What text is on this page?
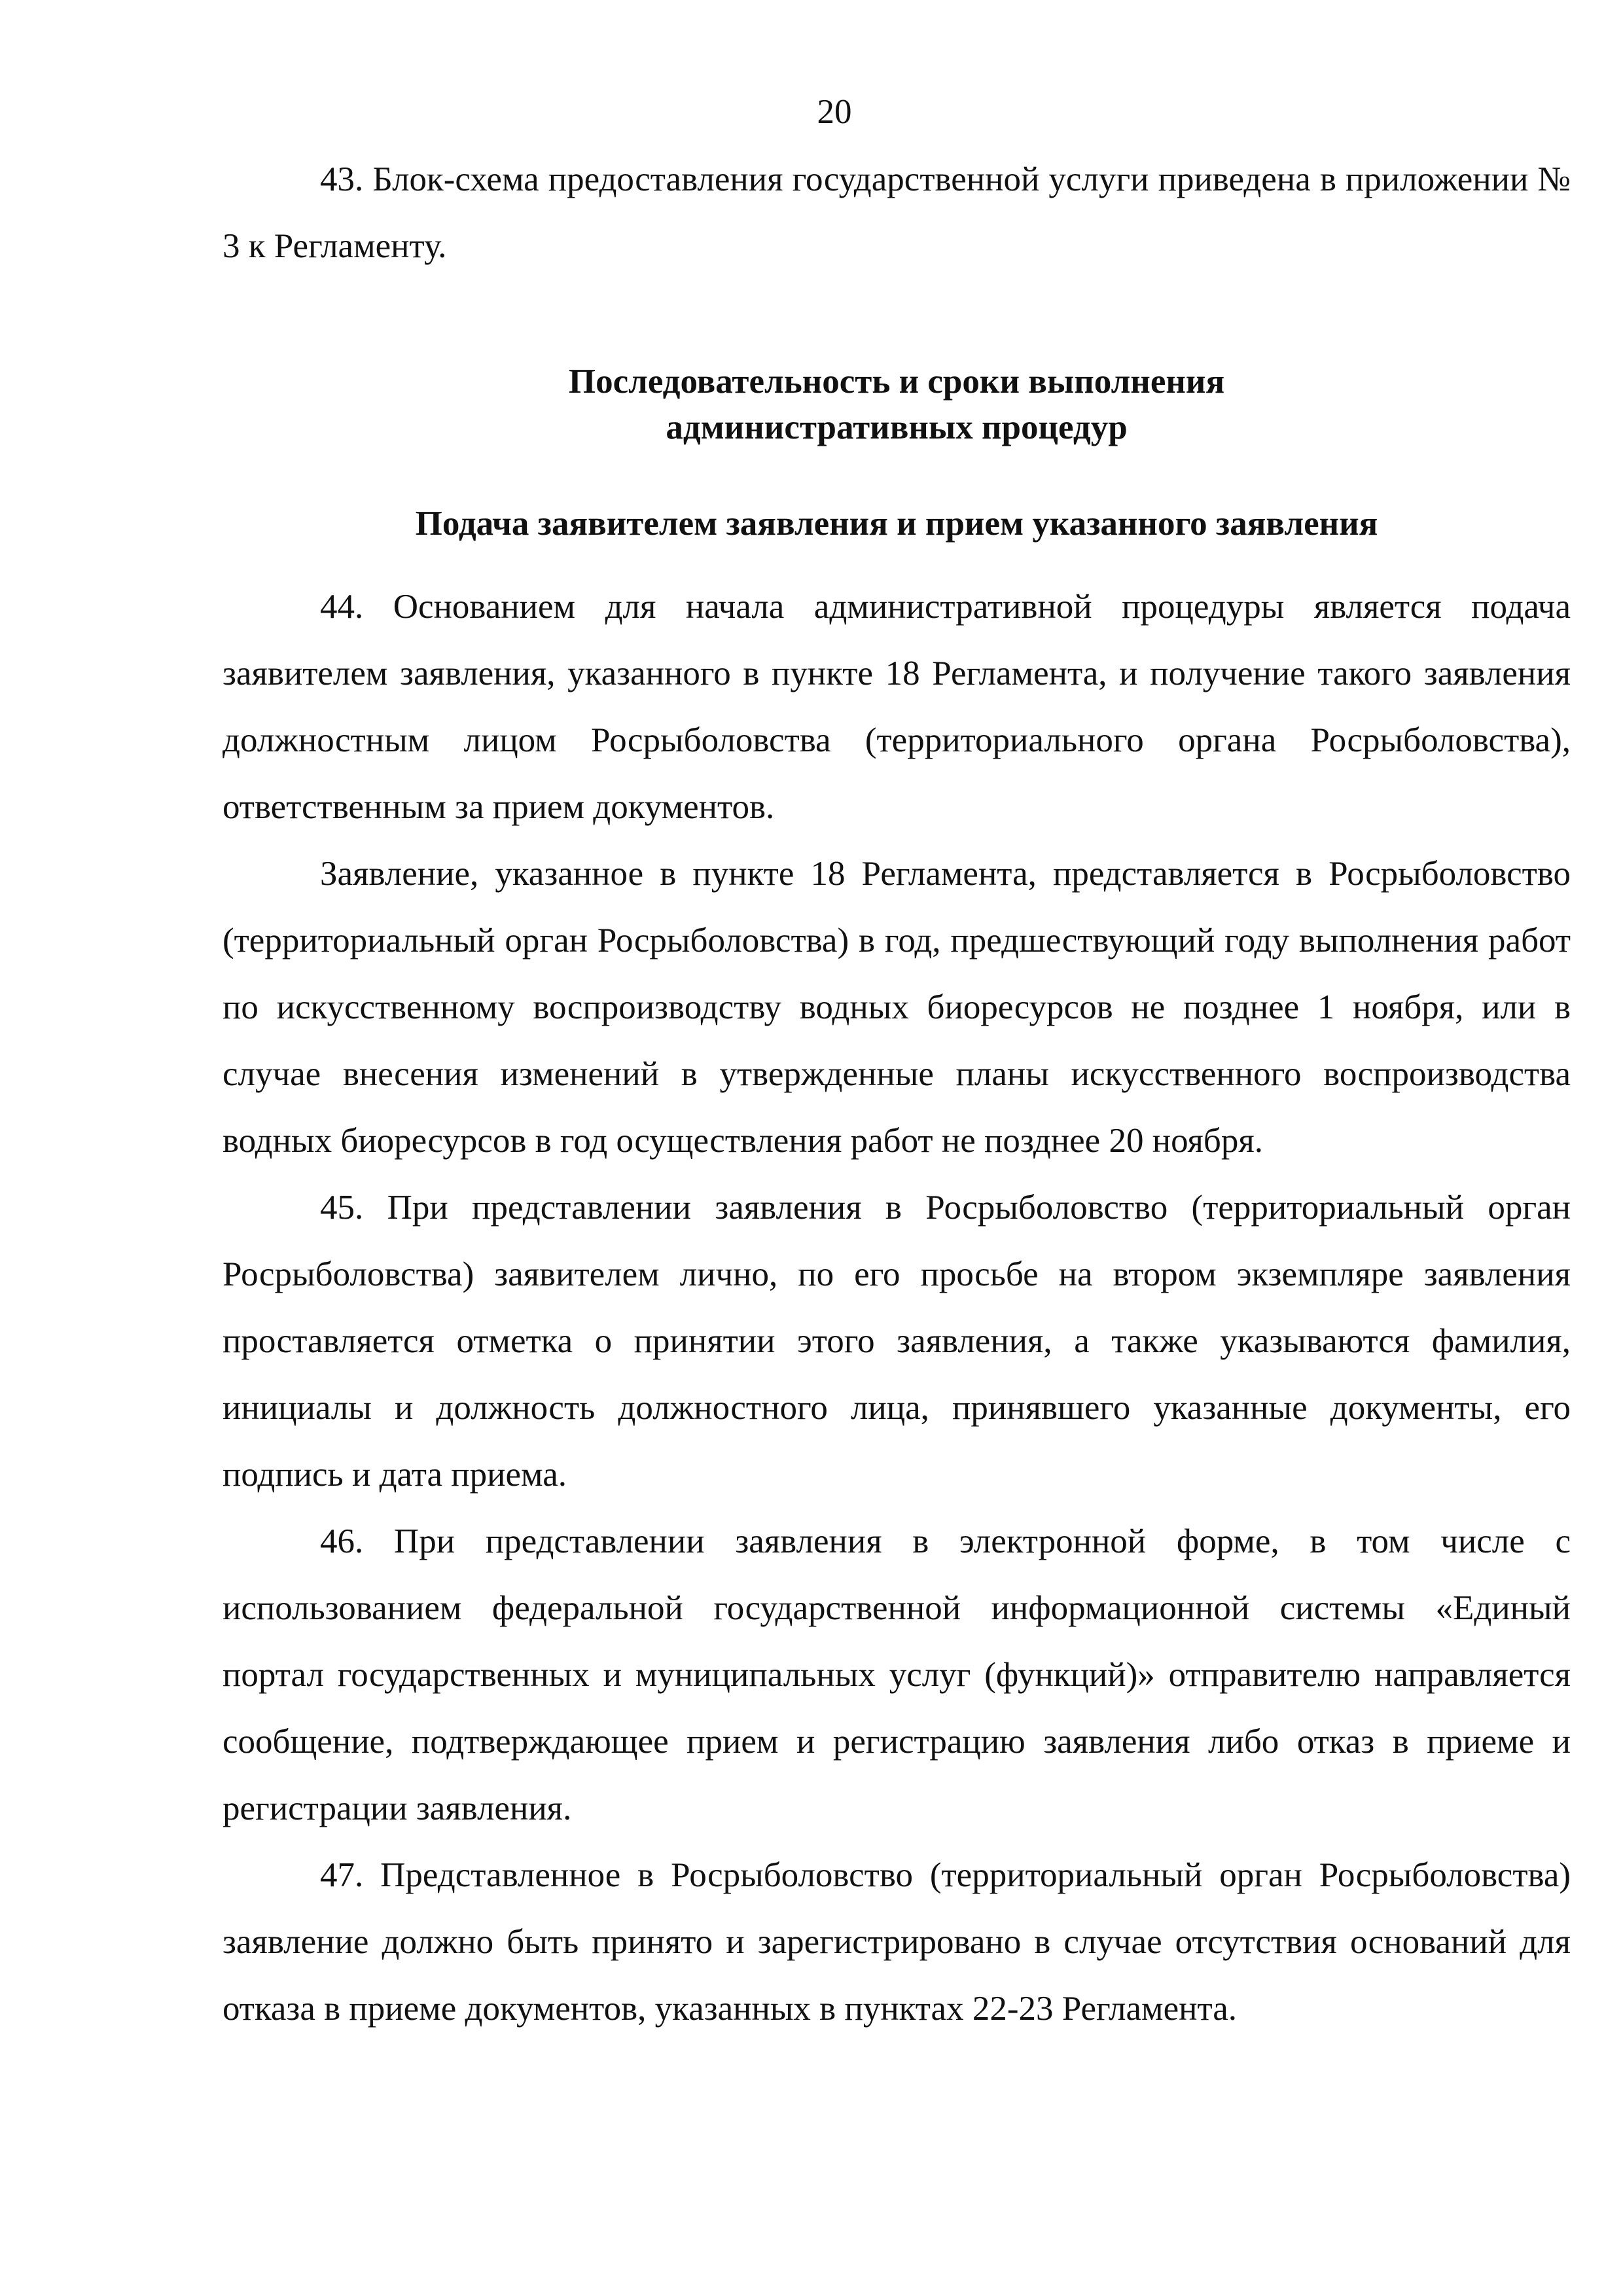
20

43. Блок-схема предоставления государственной услуги приведена в приложении № 3 к Регламенту.

Последовательность и сроки выполнения
административных процедур
Подача заявителем заявления и прием указанного заявления

44. Основанием для начала административной процедуры является подача заявителем заявления, указанного в пункте 18 Регламента, и получение такого заявления должностным лицом Росрыболовства (территориального органа Росрыболовства), ответственным за прием документов.

Заявление, указанное в пункте 18 Регламента, представляется в Росрыболовство (территориальный орган Росрыболовства) в год, предшествующий году выполнения работ по искусственному воспроизводству водных биоресурсов не позднее 1 ноября, или в случае внесения изменений в утвержденные планы искусственного воспроизводства водных биоресурсов в год осуществления работ не позднее 20 ноября.

45. При представлении заявления в Росрыболовство (территориальный орган Росрыболовства) заявителем лично, по его просьбе на втором экземпляре заявления проставляется отметка о принятии этого заявления, а также указываются фамилия, инициалы и должность должностного лица, принявшего указанные документы, его подпись и дата приема.

46. При представлении заявления в электронной форме, в том числе с использованием федеральной государственной информационной системы «Единый портал государственных и муниципальных услуг (функций)» отправителю направляется сообщение, подтверждающее прием и регистрацию заявления либо отказ в приеме и регистрации заявления.

47. Представленное в Росрыболовство (территориальный орган Росрыболовства) заявление должно быть принято и зарегистрировано в случае отсутствия оснований для отказа в приеме документов, указанных в пунктах 22-23 Регламента.
